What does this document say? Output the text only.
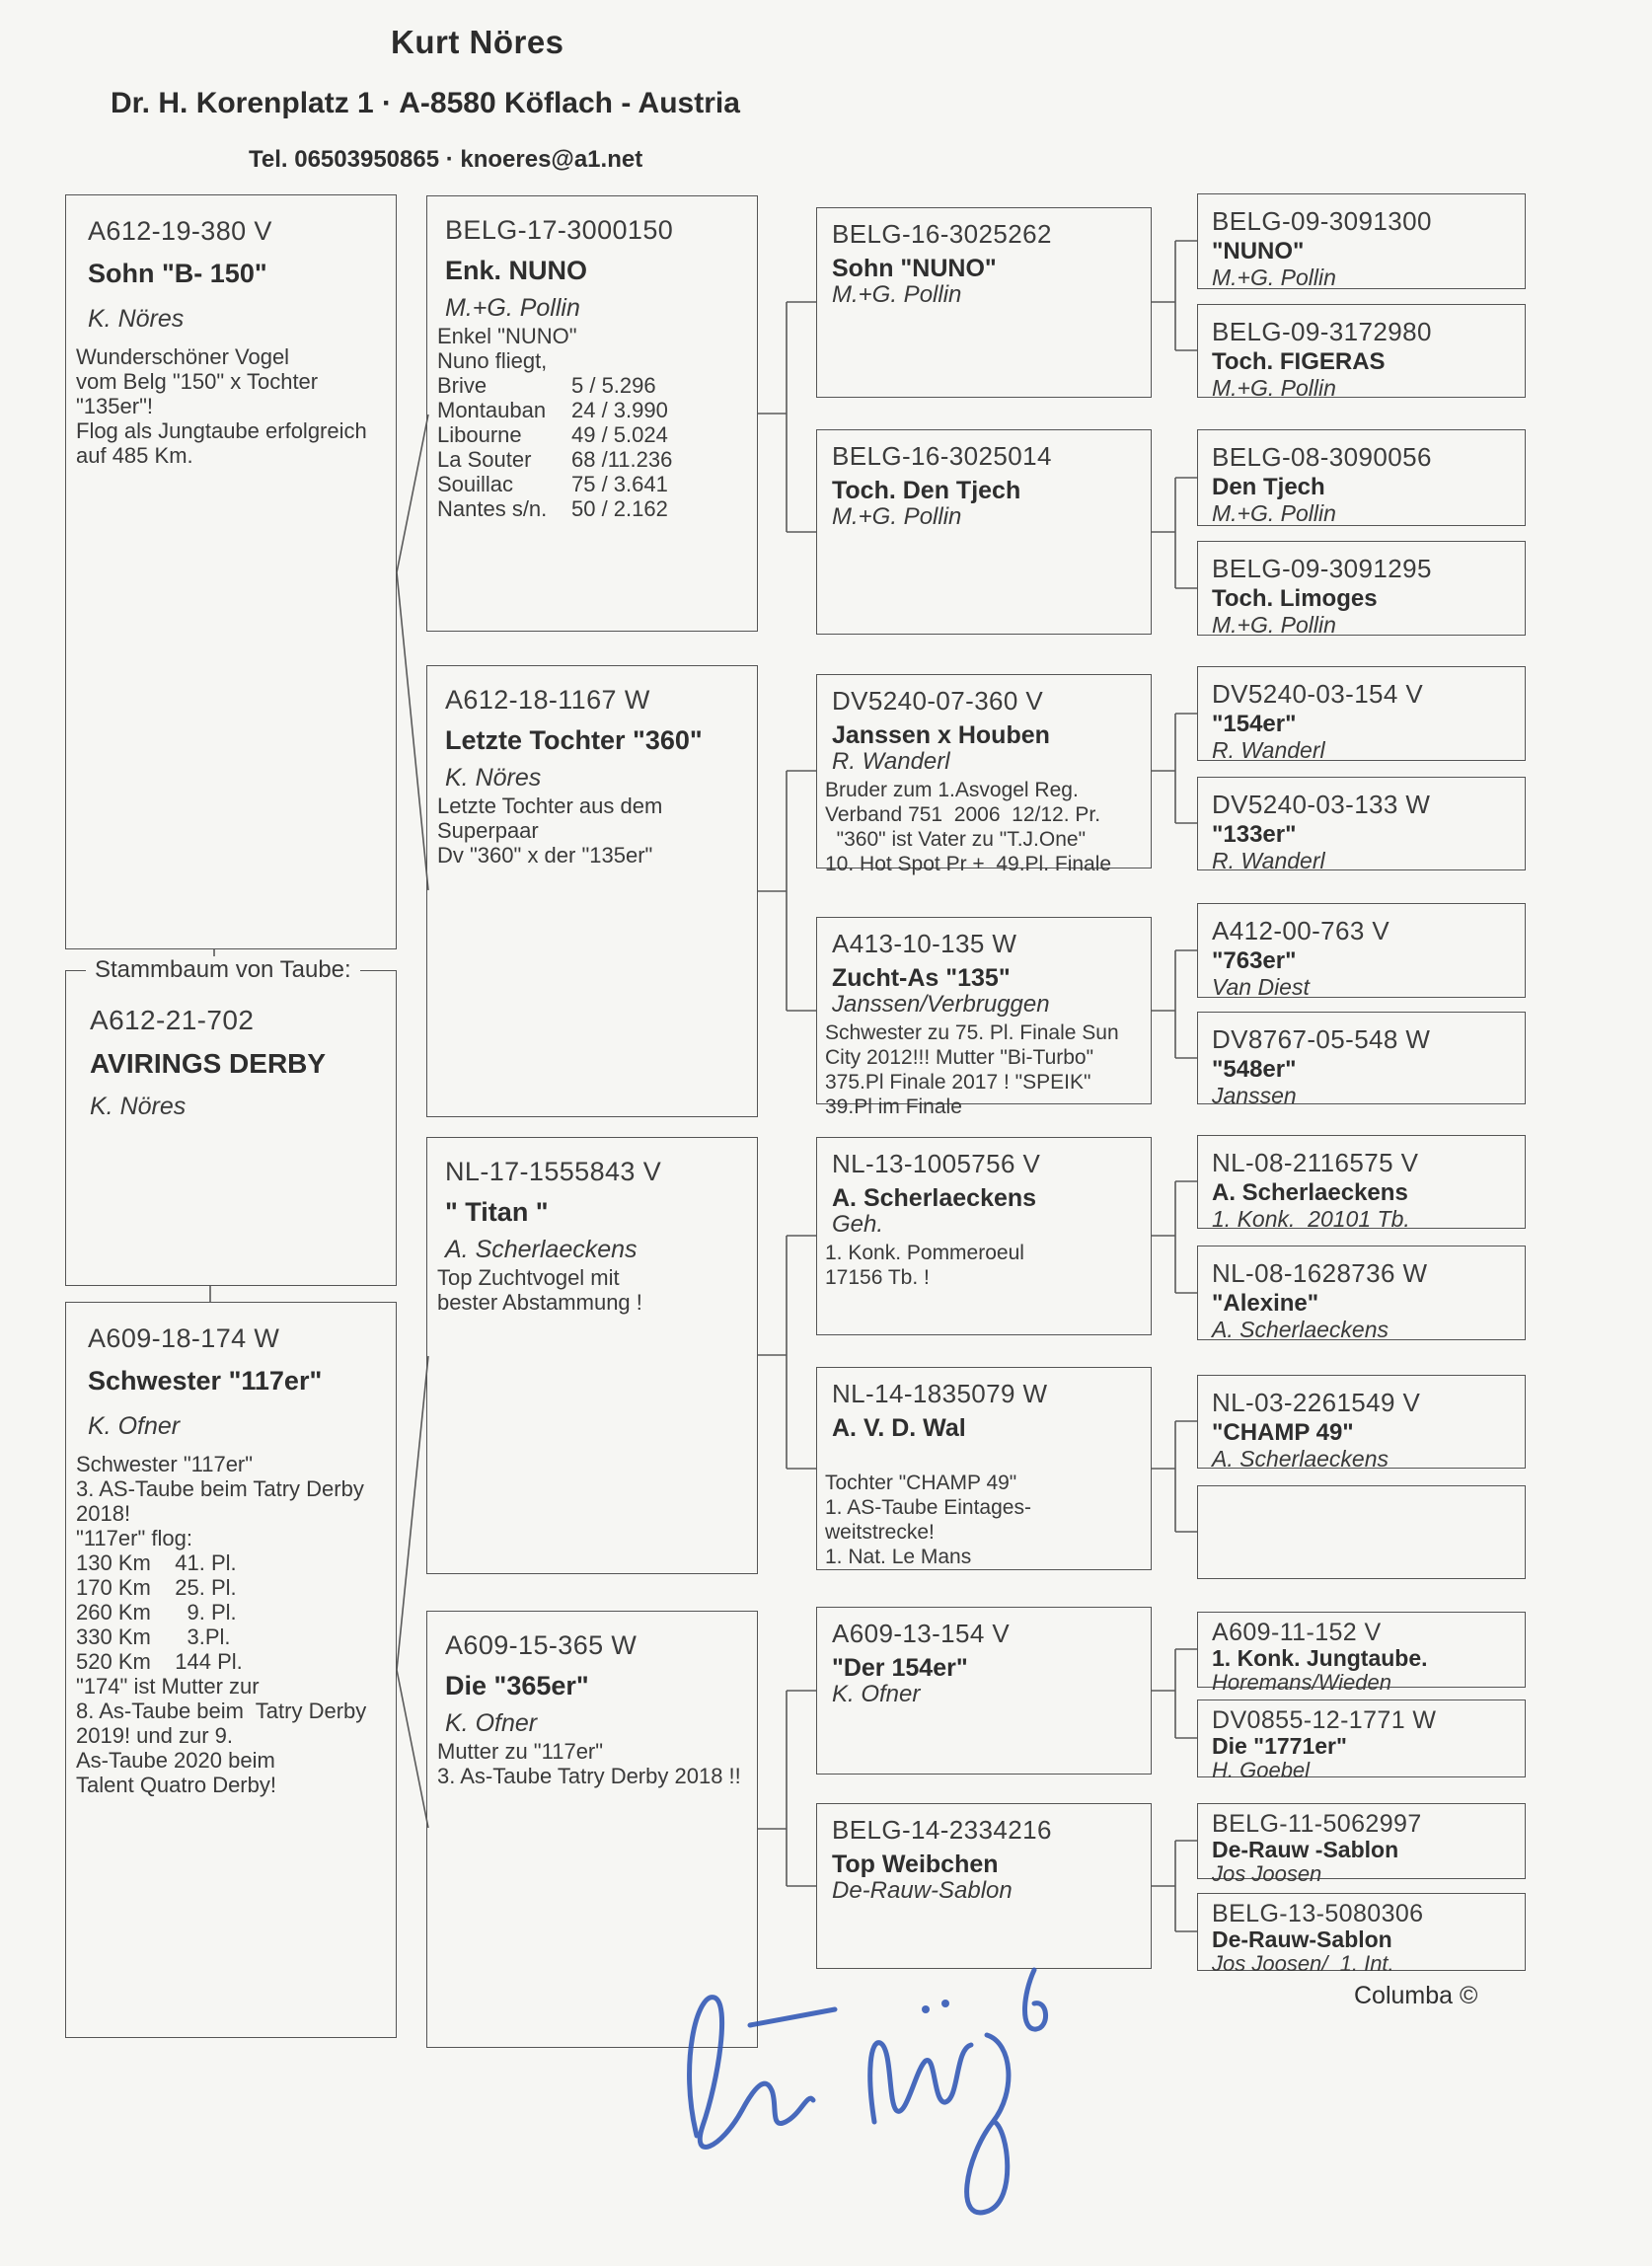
Kurt Nöres
Dr. H. Korenplatz 1 · A-8580 Köflach - Austria
Tel. 06503950865 · knoeres@a1.net
A612-19-380 V
Sohn "B- 150"
K. Nöres
Wunderschöner Vogel
vom Belg "150" x Tochter
"135er"!
Flog als Jungtaube erfolgreich
auf 485 Km.
Stammbaum von Taube:
A612-21-702
AVIRINGS DERBY
K. Nöres
A609-18-174 W
Schwester "117er"
K. Ofner
Schwester "117er"
3. AS-Taube beim Tatry Derby
2018!
"117er" flog:
130 Km    41. Pl.
170 Km    25. Pl.
260 Km      9. Pl.
330 Km      3.Pl.
520 Km    144 Pl.
"174" ist Mutter zur
8. As-Taube beim  Tatry Derby
2019! und zur 9.
As-Taube 2020 beim
Talent Quatro Derby!
BELG-17-3000150
Enk. NUNO
M.+G. Pollin
Enkel "NUNO"
Nuno fliegt,
Brive	5 / 5.296
Montauban	24 / 3.990
Libourne	49 / 5.024
La Souter	68 /11.236
Souillac	75 / 3.641
Nantes s/n.	50 / 2.162
A612-18-1167 W
Letzte Tochter "360"
K. Nöres
Letzte Tochter aus dem
Superpaar
Dv "360" x der "135er"
NL-17-1555843 V
" Titan "
A. Scherlaeckens
Top Zuchtvogel mit
bester Abstammung !
A609-15-365 W
Die "365er"
K. Ofner
Mutter zu "117er"
3. As-Taube Tatry Derby 2018 !!
BELG-16-3025262
Sohn "NUNO"
M.+G. Pollin
BELG-16-3025014
Toch. Den Tjech
M.+G. Pollin
DV5240-07-360 V
Janssen x Houben
R. Wanderl
Bruder zum 1.Asvogel Reg.
Verband 751  2006  12/12. Pr.
"360" ist Vater zu "T.J.One"
10. Hot Spot Pr +  49.Pl. Finale
A413-10-135 W
Zucht-As "135"
Janssen/Verbruggen
Schwester zu 75. Pl. Finale Sun
City 2012!!! Mutter "Bi-Turbo"
375.Pl Finale 2017 ! "SPEIK"
39.Pl im Finale
NL-13-1005756 V
A. Scherlaeckens
Geh.
1. Konk. Pommeroeul
17156 Tb. !
NL-14-1835079 W
A. V. D. Wal
Tochter "CHAMP 49"
1. AS-Taube Eintages-
weitstrecke!
1. Nat. Le Mans
A609-13-154 V
"Der 154er"
K. Ofner
BELG-14-2334216
Top Weibchen
De-Rauw-Sablon
BELG-09-3091300
"NUNO"
M.+G. Pollin
BELG-09-3172980
Toch. FIGERAS
M.+G. Pollin
BELG-08-3090056
Den Tjech
M.+G. Pollin
BELG-09-3091295
Toch. Limoges
M.+G. Pollin
DV5240-03-154 V
"154er"
R. Wanderl
DV5240-03-133 W
"133er"
R. Wanderl
A412-00-763 V
"763er"
Van Diest
DV8767-05-548 W
"548er"
Janssen
NL-08-2116575 V
A. Scherlaeckens
1. Konk.  20101 Tb.
NL-08-1628736 W
"Alexine"
A. Scherlaeckens
NL-03-2261549 V
"CHAMP 49"
A. Scherlaeckens
A609-11-152 V
1. Konk. Jungtaube.
Horemans/Wieden
DV0855-12-1771 W
Die "1771er"
H. Goebel
BELG-11-5062997
De-Rauw -Sablon
Jos Joosen
BELG-13-5080306
De-Rauw-Sablon
Jos Joosen/  1. Int.
Columba ©
